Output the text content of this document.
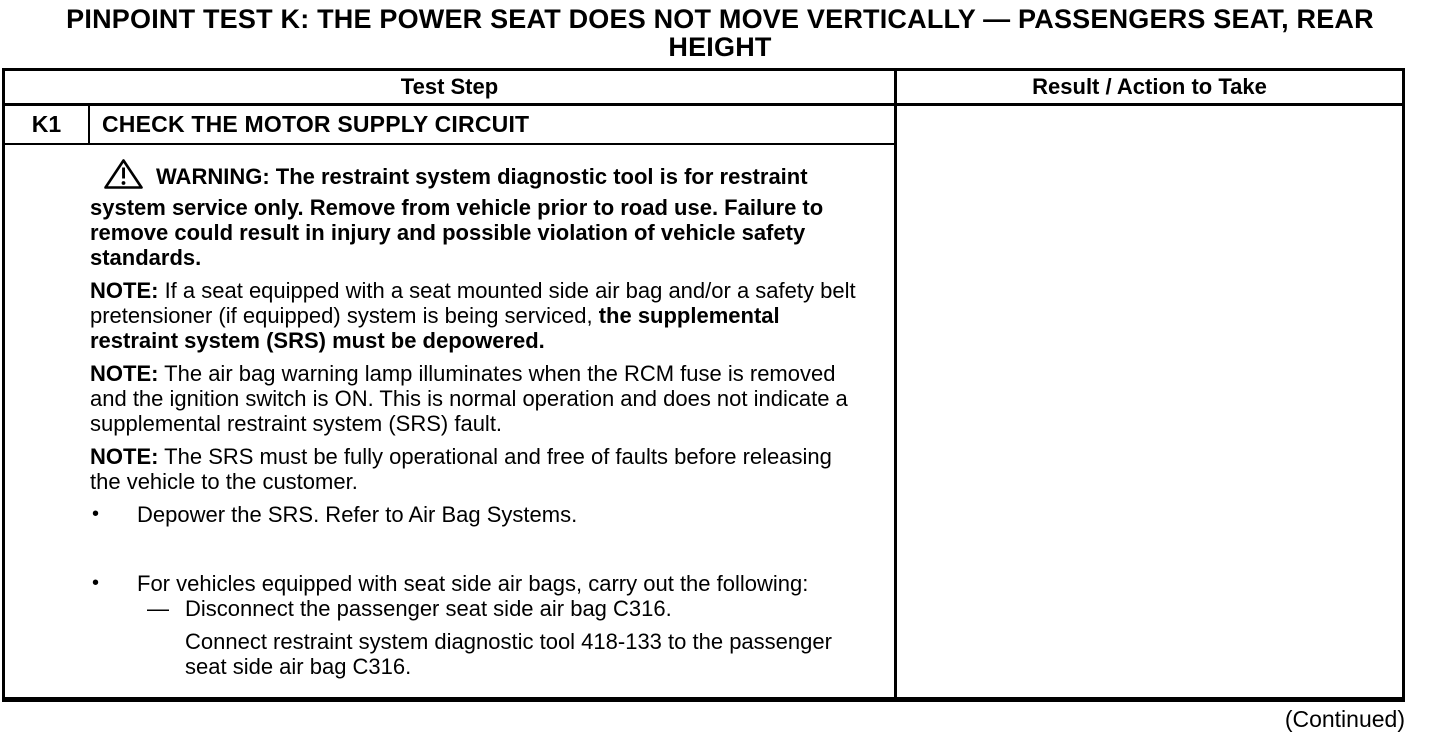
PINPOINT TEST K: THE POWER SEAT DOES NOT MOVE VERTICALLY — PASSENGERS SEAT, REAR
HEIGHT
Test Step	Result / Action to Take
K1	CHECK THE MOTOR SUPPLY CIRCUIT

WARNING: The restraint system diagnostic tool is for restraint system service only. Remove from vehicle prior to road use. Failure to remove could result in injury and possible violation of vehicle safety standards.

NOTE: If a seat equipped with a seat mounted side air bag and/or a safety belt pretensioner (if equipped) system is being serviced, the supplemental restraint system (SRS) must be depowered.

NOTE: The air bag warning lamp illuminates when the RCM fuse is removed and the ignition switch is ON. This is normal operation and does not indicate a supplemental restraint system (SRS) fault.

NOTE: The SRS must be fully operational and free of faults before releasing the vehicle to the customer.

•	Depower the SRS. Refer to Air Bag Systems.
•	For vehicles equipped with seat side air bags, carry out the following:
— Disconnect the passenger seat side air bag C316.
Connect restraint system diagnostic tool 418-133 to the passenger seat side air bag C316.
(Continued)
